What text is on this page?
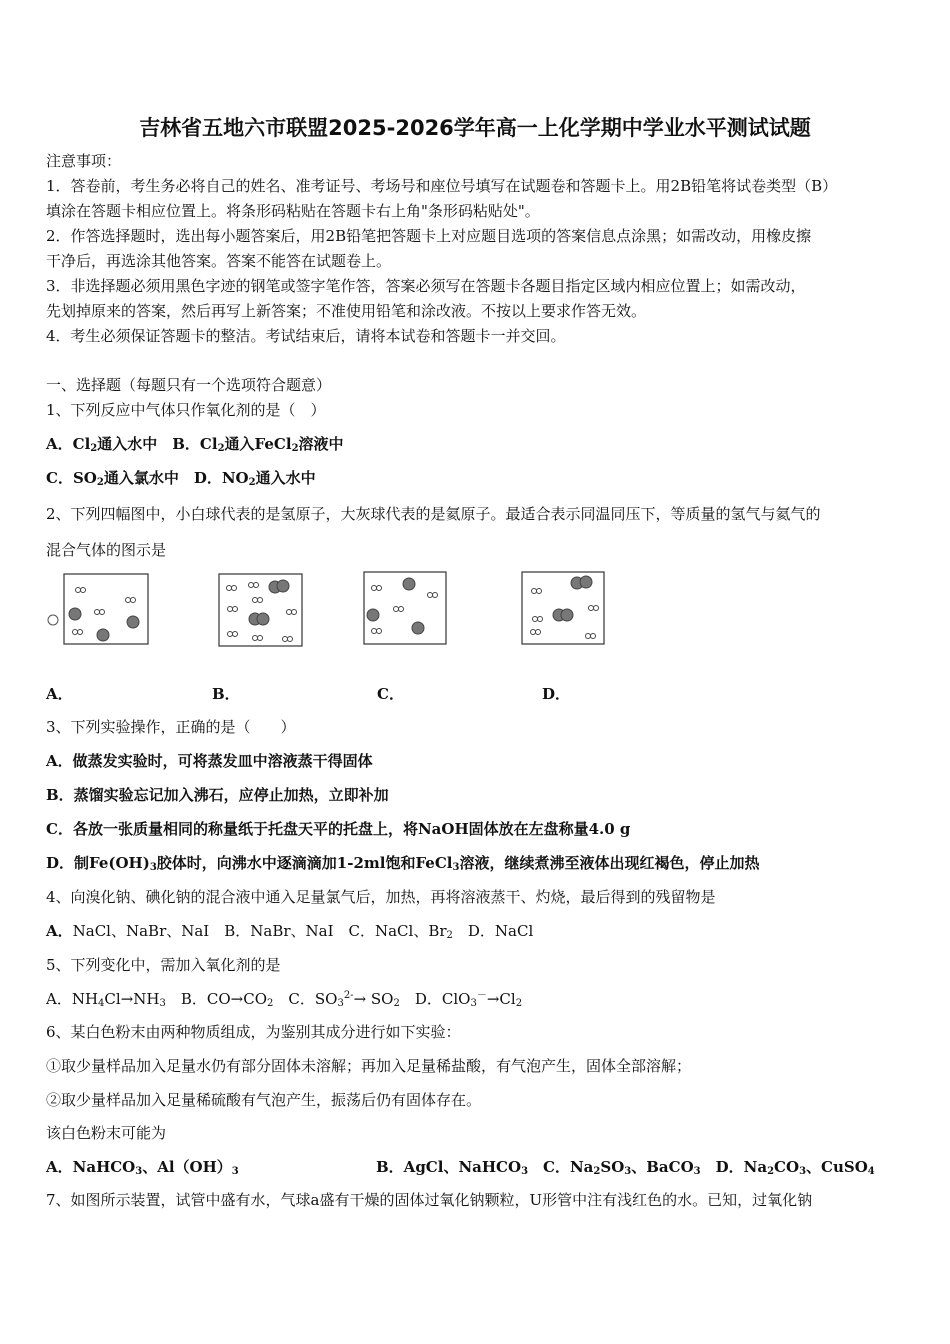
吉林省五地六市联盟2025-2026学年高一上化学期中学业水平测试试题
注意事项：
1．答卷前，考生务必将自己的姓名、准考证号、考场号和座位号填写在试题卷和答题卡上。用2B铅笔将试卷类型（B）
填涂在答题卡相应位置上。将条形码粘贴在答题卡右上角"条形码粘贴处"。
2．作答选择题时，选出每小题答案后，用2B铅笔把答题卡上对应题目选项的答案信息点涂黑；如需改动，用橡皮擦
干净后，再选涂其他答案。答案不能答在试题卷上。
3．非选择题必须用黑色字迹的钢笔或签字笔作答，答案必须写在答题卡各题目指定区域内相应位置上；如需改动，
先划掉原来的答案，然后再写上新答案；不准使用铅笔和涂改液。不按以上要求作答无效。
4．考生必须保证答题卡的整洁。考试结束后，请将本试卷和答题卡一并交回。
一、选择题（每题只有一个选项符合题意）
1、下列反应中气体只作氧化剂的是（　）
A．$Cl_2$通入水中　B．$Cl_2$通入FeCl$_2$溶液中
C．$SO_2$通入氯水中　D．$NO_2$通入水中
2、下列四幅图中，小白球代表的是氢原子，大灰球代表的是氦原子。最适合表示同温同压下，等质量的氢气与氦气的
混合气体的图示是
A．	B．	C．	D．
3、下列实验操作，正确的是（　　）
A．做蒸发实验时，可将蒸发皿中溶液蒸干得固体
B．蒸馏实验忘记加入沸石，应停止加热，立即补加
C．各放一张质量相同的称量纸于托盘天平的托盘上，将NaOH固体放在左盘称量4.0 g
D．制$Fe(OH)_3$胶体时，向沸水中逐滴滴加1-2ml饱和FeCl$_3$溶液，继续煮沸至液体出现红褐色，停止加热
4、向溴化钠、碘化钠的混合液中通入足量氯气后，加热，再将溶液蒸干、灼烧，最后得到的残留物是
A．NaCl、NaBr、NaI　B．NaBr、NaI　C．NaCl、$Br_2$　D．NaCl
5、下列变化中，需加入氧化剂的是
A．$NH_4Cl\to NH_3$　B．$CO\to CO_2$　C．$SO_3^{2-}\to SO_2$　D．$ClO_3^-\to Cl_2$
6、某白色粉末由两种物质组成，为鉴别其成分进行如下实验：
①取少量样品加入足量水仍有部分固体未溶解；再加入足量稀盐酸，有气泡产生，固体全部溶解；
②取少量样品加入足量稀硫酸有气泡产生，振荡后仍有固体存在。
该白色粉末可能为
A．NaHCO$_3$、$Al(OH)_3$	B．AgCl、NaHCO$_3$　C．$Na_2SO_3$、BaCO$_3$　D．$Na_2CO_3$、CuSO$_4$
7、如图所示装置，试管中盛有水，气球a盛有干燥的固体过氧化钠颗粒，U形管中注有浅红色的水。已知，过氧化钠
